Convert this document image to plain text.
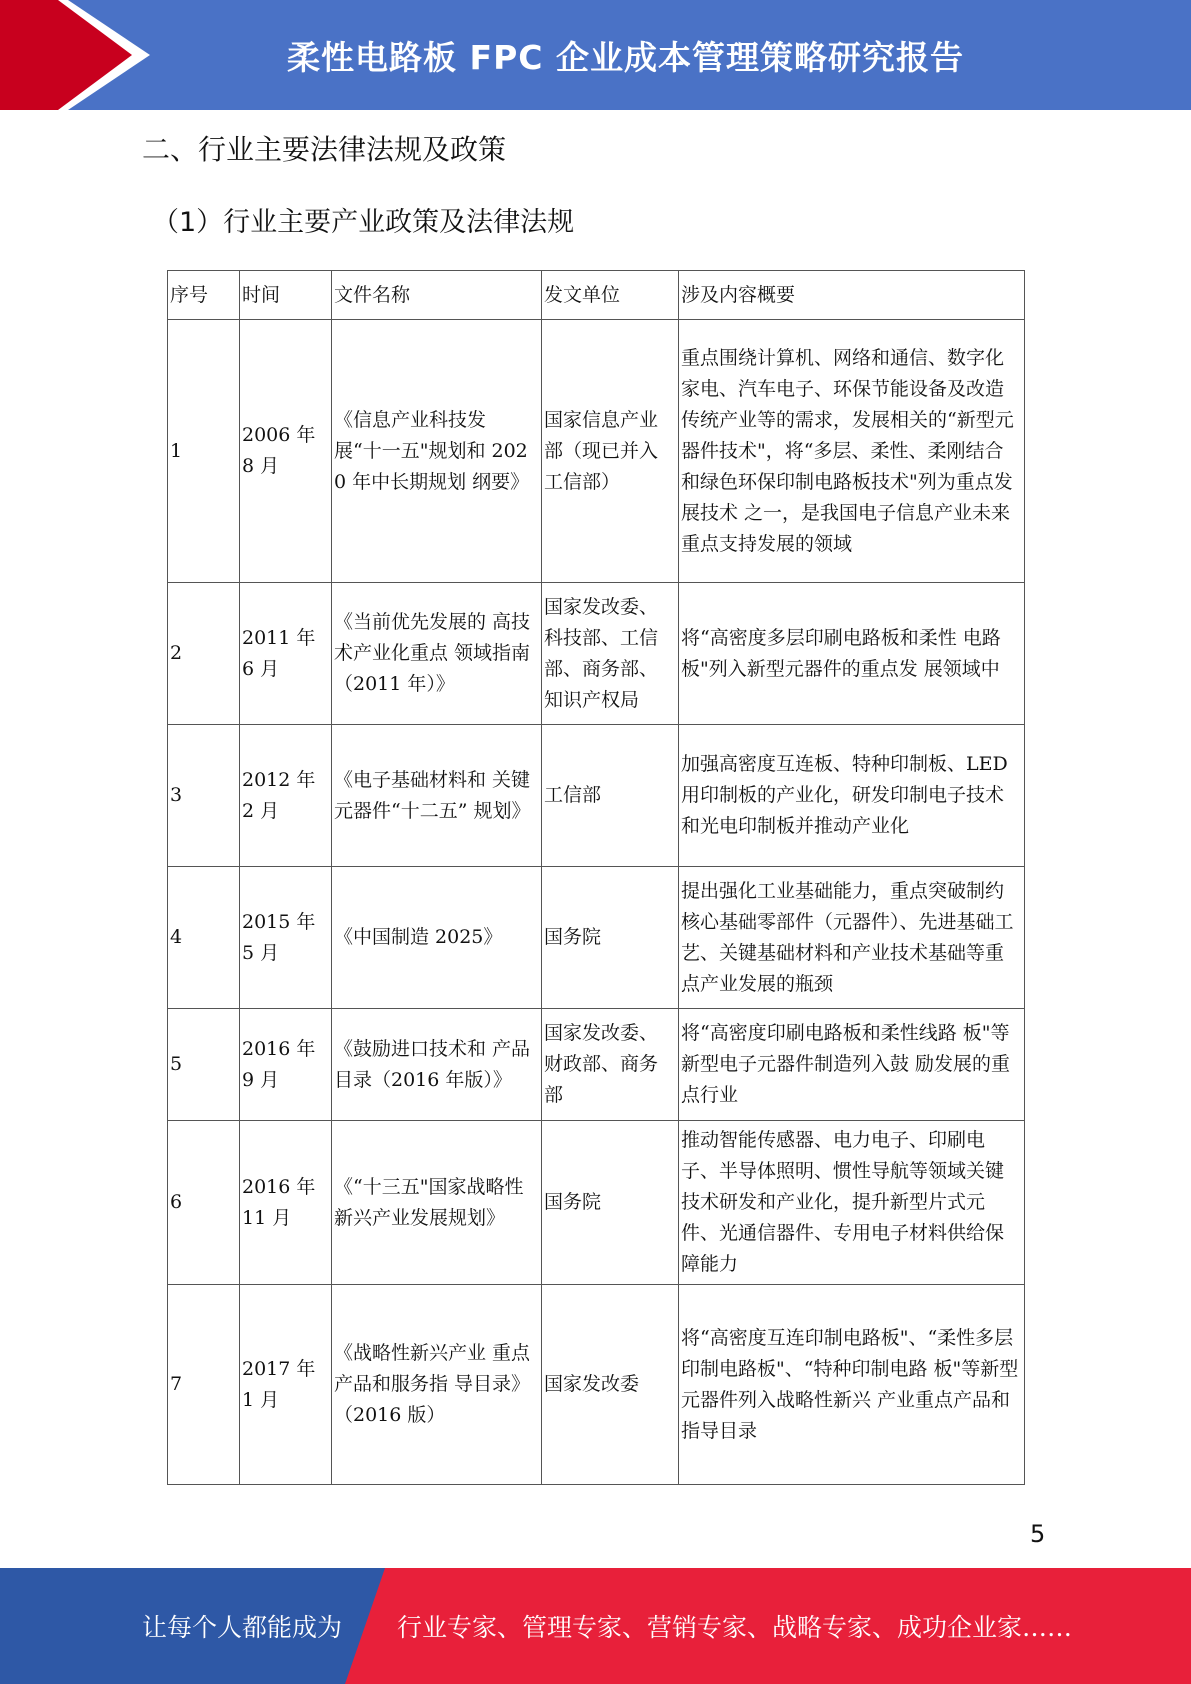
柔性电路板 FPC 企业成本管理策略研究报告
二、行业主要法律法规及政策
（1）行业主要产业政策及法律法规
序号	时间	文件名称	发文单位	涉及内容概要
1	2006 年 8 月	《信息产业科技发 展“十一五"规划和 2020 年中长期规划 纲要》	国家信息产业部（现已并入工信部）	重点围绕计算机、网络和通信、数字化家电、汽车电子、环保节能设备及改造传统产业等的需求，发展相关的“新型元器件技术"，将“多层、柔性、柔刚结合和绿色环保印制电路板技术"列为重点发展技术 之一，是我国电子信息产业未来重点支持发展的领域
2	2011 年 6 月	《当前优先发展的 高技术产业化重点 领域指南（2011 年）》	国家发改委、科技部、工信部、商务部、知识产权局	将“高密度多层印刷电路板和柔性 电路板"列入新型元器件的重点发 展领域中
3	2012 年 2 月	《电子基础材料和 关键元器件“十二五” 规划》	工信部	加强高密度互连板、特种印制板、LED 用印制板的产业化，研发印制电子技术和光电印制板并推动产业化
4	2015 年 5 月	《中国制造 2025》	国务院	提出强化工业基础能力，重点突破制约核心基础零部件（元器件）、先进基础工艺、关键基础材料和产业技术基础等重点产业发展的瓶颈
5	2016 年 9 月	《鼓励进口技术和 产品目录（2016 年版）》	国家发改委、财政部、商务部	将“高密度印刷电路板和柔性线路 板"等新型电子元器件制造列入鼓 励发展的重点行业
6	2016 年 11 月	《“十三五"国家战略性新兴产业发展规划》	国务院	推动智能传感器、电力电子、印刷电子、半导体照明、惯性导航等领域关键技术研发和产业化，提升新型片式元件、光通信器件、专用电子材料供给保障能力
7	2017 年 1 月	《战略性新兴产业 重点产品和服务指 导目录》（2016 版）	国家发改委	将“高密度互连印制电路板"、“柔性多层印制电路板"、“特种印制电路 板"等新型元器件列入战略性新兴 产业重点产品和指导目录
5
让每个人都能成为 行业专家、管理专家、营销专家、战略专家、成功企业家……
